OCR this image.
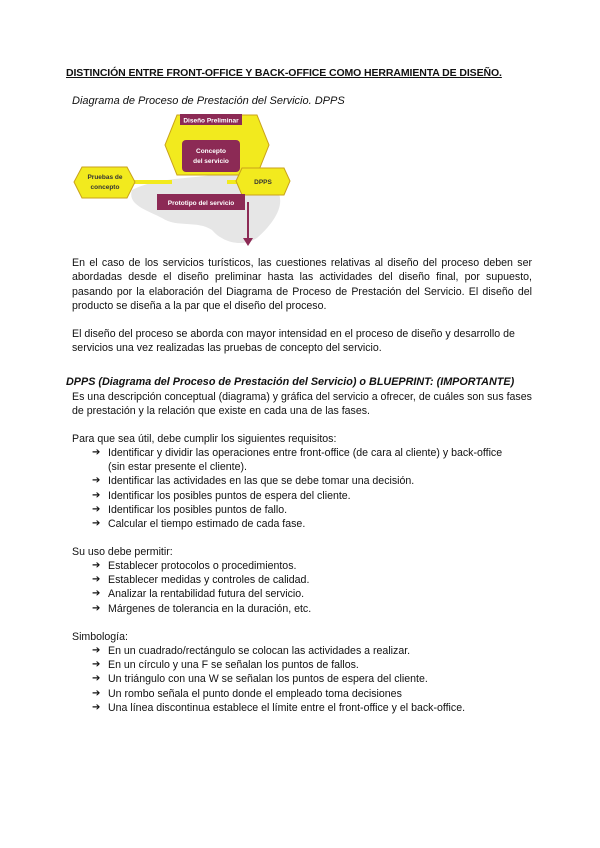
DISTINCIÓN ENTRE FRONT-OFFICE Y BACK-OFFICE COMO HERRAMIENTA DE DISEÑO.
Diagrama de Proceso de Prestación del Servicio. DPPS
Diseño Preliminar
Concepto
del servicio
Pruebas de
concepto
DPPS
Prototipo del servicio
En el caso de los servicios turísticos, las cuestiones relativas al diseño del proceso deben ser abordadas desde el diseño preliminar hasta las actividades del diseño final, por supuesto, pasando por la elaboración del Diagrama de Proceso de Prestación del Servicio. El diseño del producto se diseña a la par que el diseño del proceso.
El diseño del proceso se aborda con mayor intensidad en el proceso de diseño y desarrollo de servicios una vez realizadas las pruebas de concepto del servicio.
DPPS (Diagrama del Proceso de Prestación del Servicio) o BLUEPRINT: (IMPORTANTE)
Es una descripción conceptual (diagrama) y gráfica del servicio a ofrecer, de cuáles son sus fases de prestación y la relación que existe en cada una de las fases.
Para que sea útil, debe cumplir los siguientes requisitos:
➔ Identificar y dividir las operaciones entre front-office (de cara al cliente) y back-office (sin estar presente el cliente).
➔ Identificar las actividades en las que se debe tomar una decisión.
➔ Identificar los posibles puntos de espera del cliente.
➔ Identificar los posibles puntos de fallo.
➔ Calcular el tiempo estimado de cada fase.
Su uso debe permitir:
➔ Establecer protocolos o procedimientos.
➔ Establecer medidas y controles de calidad.
➔ Analizar la rentabilidad futura del servicio.
➔ Márgenes de tolerancia en la duración, etc.
Simbología:
➔ En un cuadrado/rectángulo se colocan las actividades a realizar.
➔ En un círculo y una F se señalan los puntos de fallos.
➔ Un triángulo con una W se señalan los puntos de espera del cliente.
➔ Un rombo señala el punto donde el empleado toma decisiones
➔ Una línea discontinua establece el límite entre el front-office y el back-office.
